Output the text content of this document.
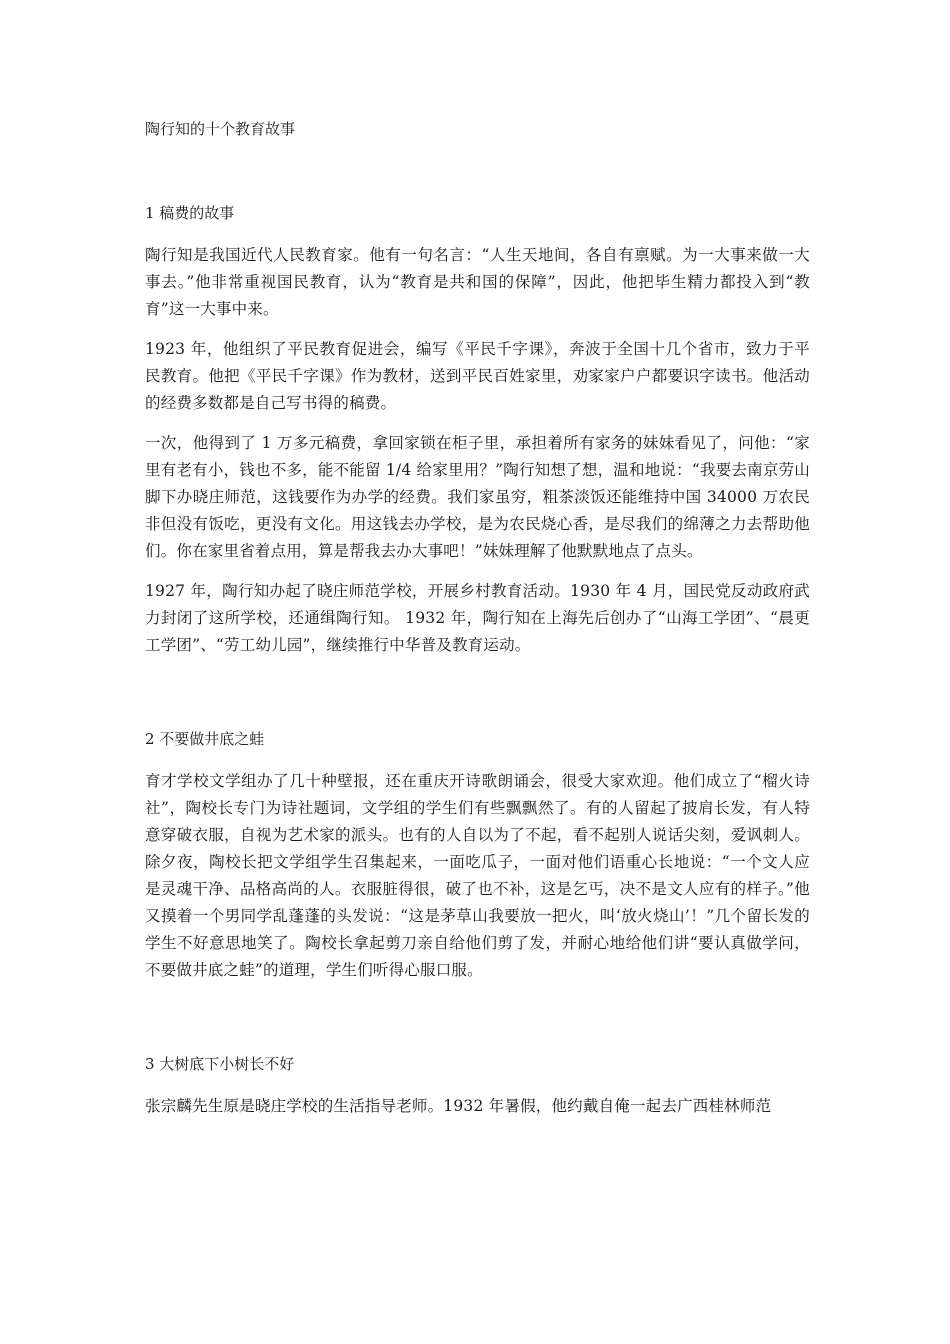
陶行知的十个教育故事

1 稿费的故事

陶行知是我国近代人民教育家。他有一句名言：“人生天地间，各自有禀赋。为一大事来做一大事去。”他非常重视国民教育，认为“教育是共和国的保障”，因此，他把毕生精力都投入到“教育”这一大事中来。

1923 年，他组织了平民教育促进会，编写《平民千字课》，奔波于全国十几个省市，致力于平民教育。他把《平民千字课》作为教材，送到平民百姓家里，劝家家户户都要识字读书。他活动的经费多数都是自己写书得的稿费。

一次，他得到了 1 万多元稿费，拿回家锁在柜子里，承担着所有家务的妹妹看见了，问他：“家里有老有小，钱也不多，能不能留 1/4 给家里用？”陶行知想了想，温和地说：“我要去南京劳山脚下办晓庄师范，这钱要作为办学的经费。我们家虽穷，粗茶淡饭还能维持中国 34000 万农民非但没有饭吃，更没有文化。用这钱去办学校，是为农民烧心香，是尽我们的绵薄之力去帮助他们。你在家里省着点用，算是帮我去办大事吧！”妹妹理解了他默默地点了点头。

1927 年，陶行知办起了晓庄师范学校，开展乡村教育活动。1930 年 4 月，国民党反动政府武力封闭了这所学校，还通缉陶行知。 1932 年，陶行知在上海先后创办了“山海工学团”、“晨更工学团”、“劳工幼儿园”，继续推行中华普及教育运动。

2 不要做井底之蛙

育才学校文学组办了几十种壁报，还在重庆开诗歌朗诵会，很受大家欢迎。他们成立了“榴火诗社”，陶校长专门为诗社题词，文学组的学生们有些飘飘然了。有的人留起了披肩长发，有人特意穿破衣服，自视为艺术家的派头。也有的人自以为了不起，看不起别人说话尖刻，爱讽刺人。除夕夜，陶校长把文学组学生召集起来，一面吃瓜子，一面对他们语重心长地说：“一个文人应是灵魂干净、品格高尚的人。衣服脏得很，破了也不补，这是乞丐，决不是文人应有的样子。”他又摸着一个男同学乱蓬蓬的头发说：“这是茅草山我要放一把火，叫‘放火烧山’！”几个留长发的学生不好意思地笑了。陶校长拿起剪刀亲自给他们剪了发，并耐心地给他们讲“要认真做学问，不要做井底之蛙”的道理，学生们听得心服口服。

3 大树底下小树长不好

张宗麟先生原是晓庄学校的生活指导老师。1932 年暑假，他约戴自俺一起去广西桂林师范
